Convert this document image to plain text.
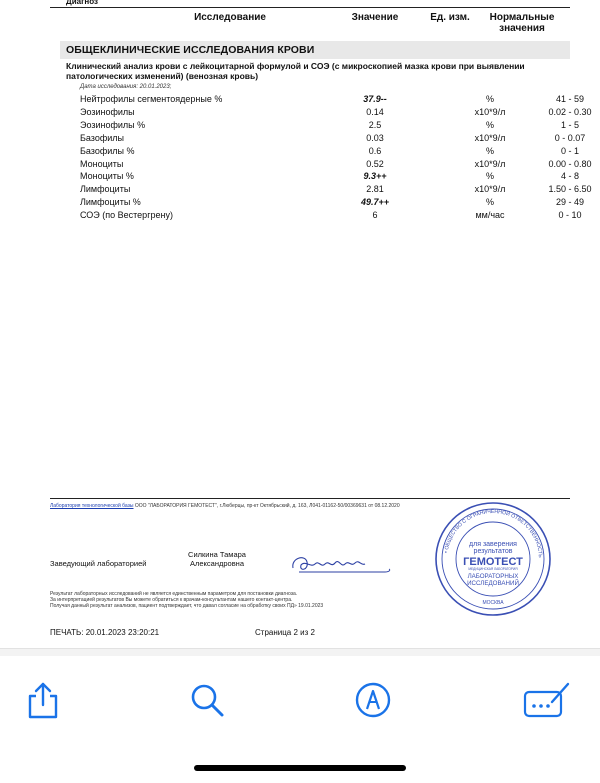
Диагноз
Исследование	Значение	Ед. изм.	Нормальные значения
ОБЩЕКЛИНИЧЕСКИЕ ИССЛЕДОВАНИЯ КРОВИ
Клинический анализ крови с лейкоцитарной формулой и СОЭ (с микроскопией мазка крови при выявлении патологических изменений) (венозная кровь)
Дата исследования: 20.01.2023;
Нейтрофилы сегментоядерные %	37.9--	%	41 - 59
Эозинофилы	0.14	x10*9/л	0.02 - 0.30
Эозинофилы %	2.5	%	1 - 5
Базофилы	0.03	x10*9/л	0 - 0.07
Базофилы %	0.6	%	0 - 1
Моноциты	0.52	x10*9/л	0.00 - 0.80
Моноциты %	9.3++	%	4 - 8
Лимфоциты	2.81	x10*9/л	1.50 - 6.50
Лимфоциты %	49.7++	%	29 - 49
СОЭ (по Вестергрену)	6	мм/час	0 - 10
Лаборатория технологической базы ООО "ЛАБОРАТОРИЯ ГЕМОТЕСТ", г.Люберцы, пр-кт Октябрьский, д. 163, Л041-01162-50/00369631 от 08.12.2020
Заведующий лабораторией
Силкина Тамара Александровна
Результат лабораторных исследований не является единственным параметром для постановки диагноза.
За интерпретацией результатов Вы можете обратиться к врачам-консультантам нашего контакт-центра.
Получая данный результат анализов, пациент подтверждает, что давал согласие на обработку своих ПД» 19.01.2023
ПЕЧАТЬ: 20.01.2023 23:20:21	Страница 2 из 2
• ОБЩЕСТВО С ОГРАНИЧЕННОЙ ОТВЕТСТВЕННОСТЬ
для заверения
результатов
ГЕМОТЕСТ
МЕДИЦИНСКАЯ ЛАБОРАТОРИЯ
ЛАБОРАТОРНЫХ
ИССЛЕДОВАНИЙ
МОСКВА
